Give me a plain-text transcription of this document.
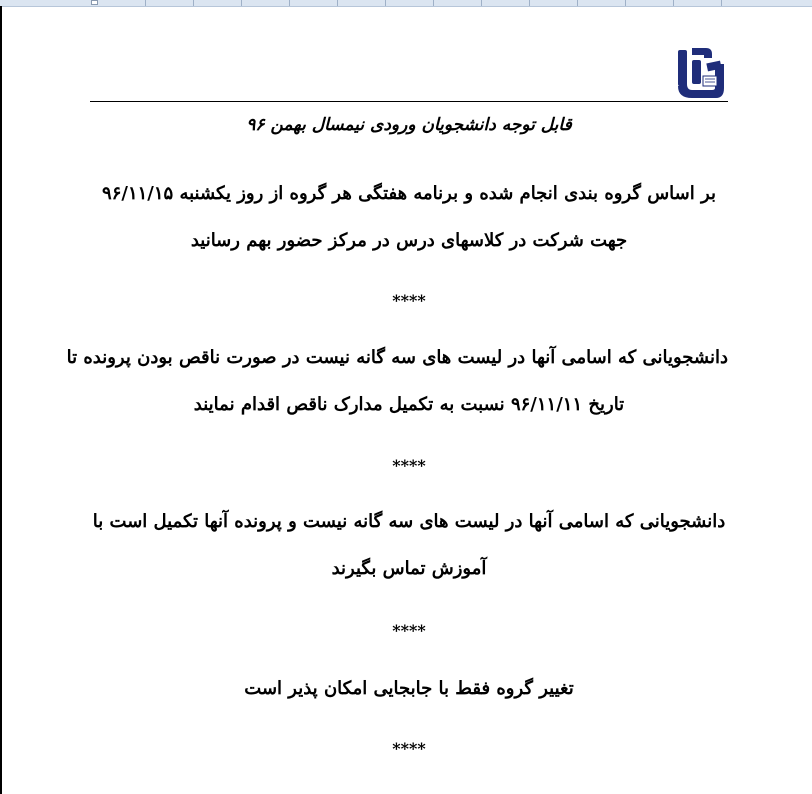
قابل توجه دانشجویان ورودی نیمسال بهمن ۹۶
بر اساس گروه بندی انجام شده و برنامه هفتگی هر گروه از روز یکشنبه ۹۶/۱۱/۱۵
جهت شرکت در کلاسهای درس در مرکز حضور بهم رسانید
****
دانشجویانی که اسامی آنها در لیست های سه گانه نیست در صورت ناقص بودن پرونده تا
تاریخ ۹۶/۱۱/۱۱ نسبت به تکمیل مدارک ناقص اقدام نمایند
****
دانشجویانی که اسامی آنها در لیست های سه گانه نیست و پرونده آنها تکمیل است با
آموزش تماس بگیرند
****
تغییر گروه فقط با جابجایی امکان پذیر است
****
